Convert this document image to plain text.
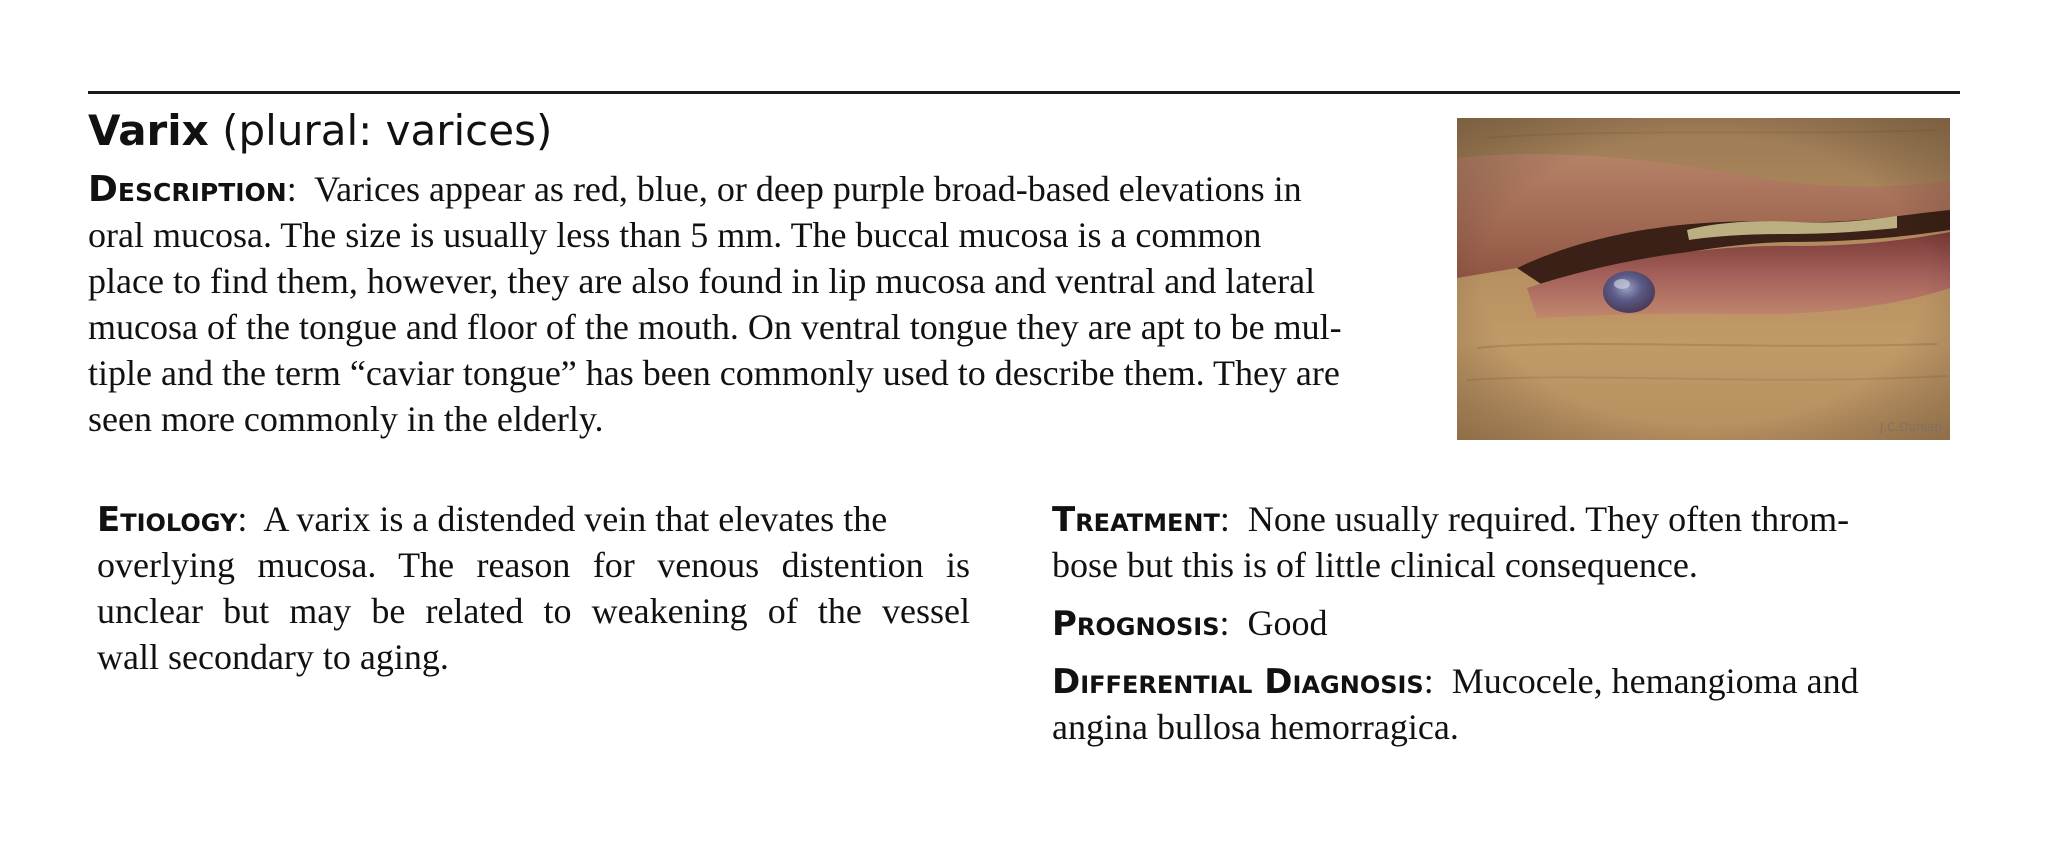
Varix (plural: varices)
Description:  Varices appear as red, blue, or deep purple broad-based elevations in
oral mucosa. The size is usually less than 5 mm. The buccal mucosa is a common
place to find them, however, they are also found in lip mucosa and ventral and lateral
mucosa of the tongue and floor of the mouth. On ventral tongue they are apt to be mul-
tiple and the term “caviar tongue” has been commonly used to describe them. They are
seen more commonly in the elderly.	J.C.Dunlap
Etiology:  A varix is a distended vein that elevates the
overlying mucosa. The reason for venous distention is
unclear but may be related to weakening of the vessel
wall secondary to aging.
Treatment:  None usually required. They often throm-
bose but this is of little clinical consequence.
Prognosis:  Good
Differential Diagnosis:  Mucocele, hemangioma and
angina bullosa hemorragica.
